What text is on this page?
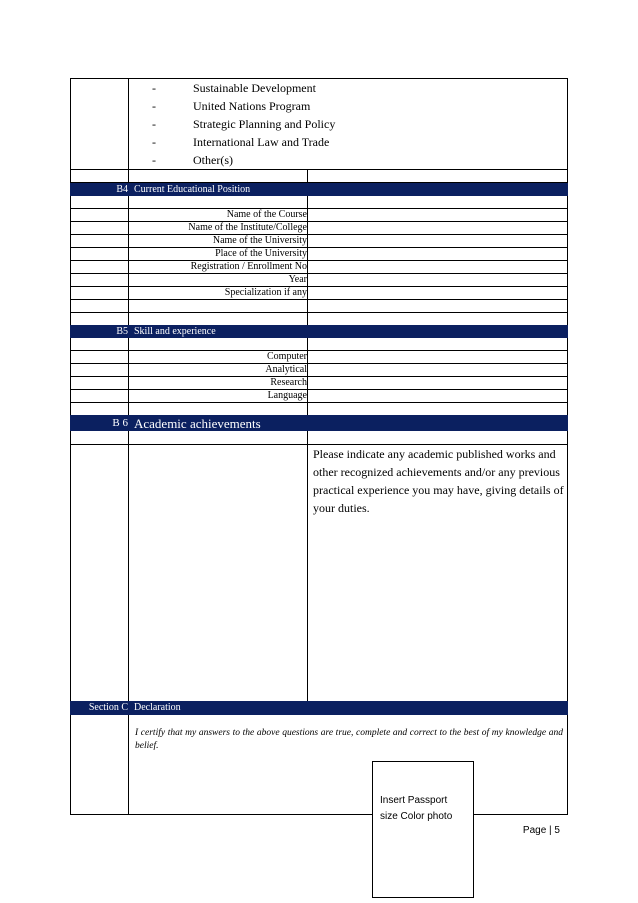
-	Sustainable Development
-	United Nations Program
-	Strategic Planning and Policy
-	International Law and Trade
-	Other(s)
B4 Current Educational Position
Name of the Course
Name of the Institute/College
Name of the University
Place of the University
Registration / Enrollment No
Year
Specialization if any
B5 Skill and experience
Computer
Analytical
Research
Language
B 6 Academic achievements
Please indicate any academic published works and other recognized achievements and/or any previous practical experience you may have, giving details of your duties.
Section C Declaration
I certify that my answers to the above questions are true, complete and correct to the best of my knowledge and belief.
Insert Passport
size Color photo
Page | 5
